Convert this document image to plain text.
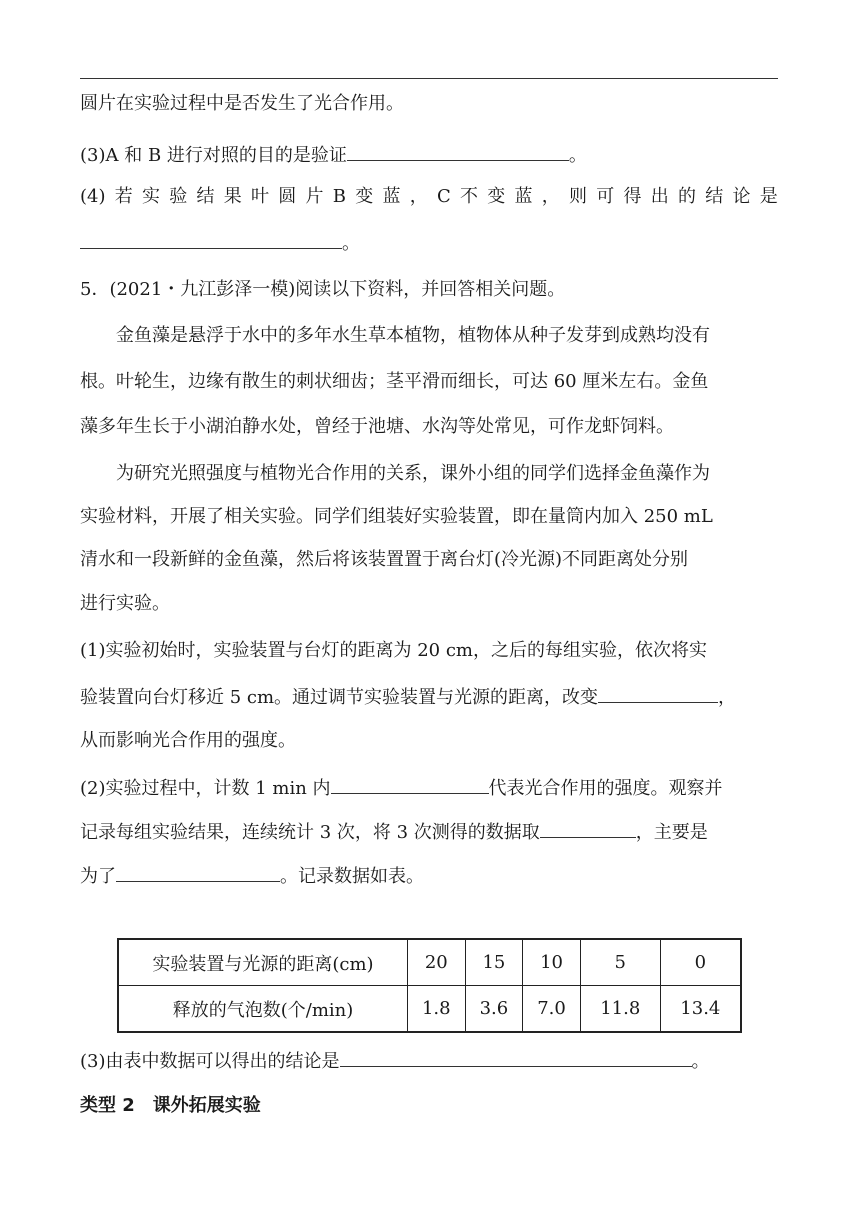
圆片在实验过程中是否发生了光合作用。
(3)A 和 B 进行对照的目的是验证	。
(4) 若 实 验 结 果 叶 圆 片 B 变 蓝 ， C 不 变 蓝 ， 则 可 得 出 的 结 论 是
。
5．(2021・九江彭泽一模)阅读以下资料，并回答相关问题。
金鱼藻是悬浮于水中的多年水生草本植物，植物体从种子发芽到成熟均没有
根。叶轮生，边缘有散生的刺状细齿；茎平滑而细长，可达 60 厘米左右。金鱼
藻多年生长于小湖泊静水处，曾经于池塘、水沟等处常见，可作龙虾饲料。
为研究光照强度与植物光合作用的关系，课外小组的同学们选择金鱼藻作为
实验材料，开展了相关实验。同学们组装好实验装置，即在量筒内加入 250 mL
清水和一段新鲜的金鱼藻，然后将该装置置于离台灯(冷光源)不同距离处分别
进行实验。
(1)实验初始时，实验装置与台灯的距离为 20 cm，之后的每组实验，依次将实
验装置向台灯移近 5 cm。通过调节实验装置与光源的距离，改变	，
从而影响光合作用的强度。
(2)实验过程中，计数 1 min 内	代表光合作用的强度。观察并
记录每组实验结果，连续统计 3 次，将 3 次测得的数据取	，主要是
为了	。记录数据如表。
实验装置与光源的距离(cm)	20	15	10	5	0
释放的气泡数(个/min)	1.8	3.6	7.0	11.8	13.4
(3)由表中数据可以得出的结论是	。
类型 2　课外拓展实验
